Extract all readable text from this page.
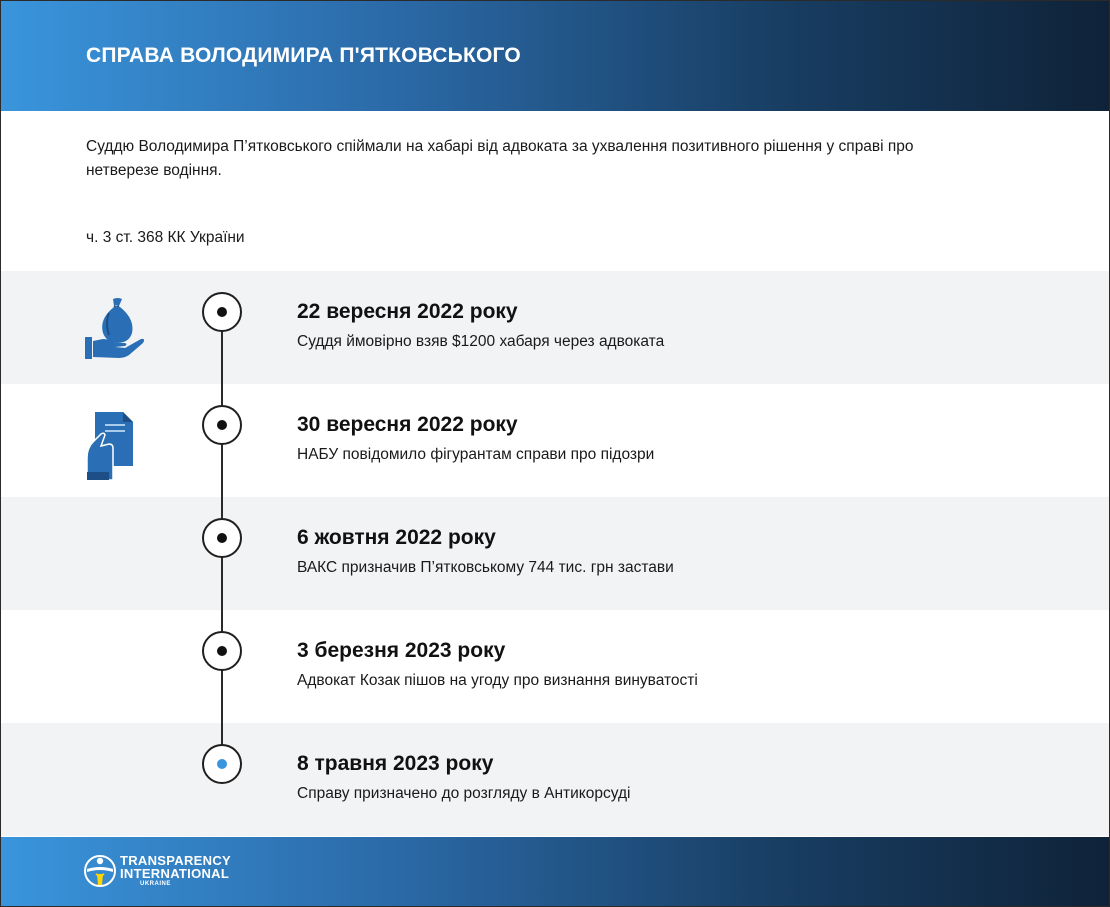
СПРАВА ВОЛОДИМИРА П'ЯТКОВСЬКОГО
Суддю Володимира П’ятковського спіймали на хабарі від адвоката за ухвалення позитивного рішення у справі про нетверезе водіння.
ч. 3 ст. 368 КК України
22 вересня 2022 року
Суддя ймовірно взяв $1200 хабаря через адвоката
30 вересня 2022 року
НАБУ повідомило фігурантам справи про підозри
6 жовтня 2022 року
ВАКС призначив П’ятковському 744 тис. грн застави
3 березня 2023 року
Адвокат Козак пішов на угоду про визнання винуватості
8 травня 2023 року
Справу призначено до розгляду в Антикорсуді
TRANSPARENCY
INTERNATIONAL
UKRAINE
